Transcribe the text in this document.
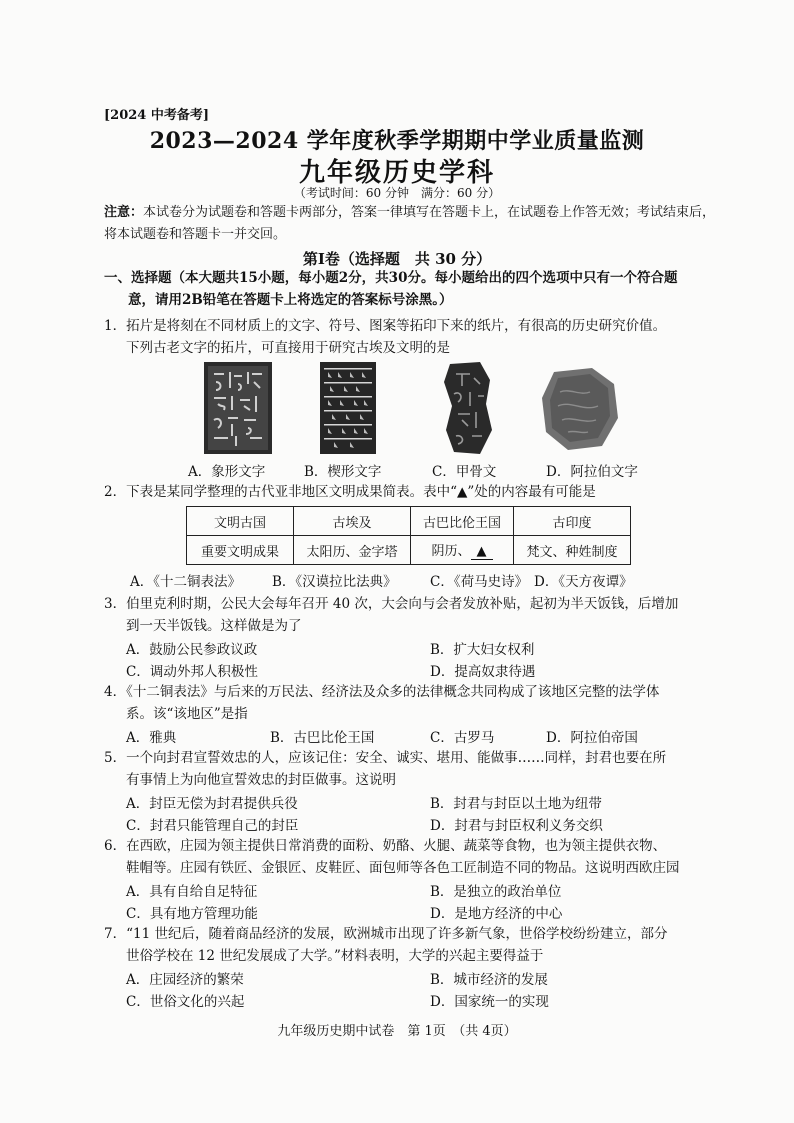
[2024 中考备考]
2023—2024 学年度秋季学期期中学业质量监测
九年级历史学科
（考试时间：60 分钟　满分：60 分）
注意：本试卷分为试题卷和答题卡两部分，答案一律填写在答题卡上，在试题卷上作答无效；考试结束后，将本试题卷和答题卡一并交回。
第Ⅰ卷（选择题　共 30 分）
一、选择题（本大题共15小题，每小题2分，共30分。每小题给出的四个选项中只有一个符合题
意，请用2B铅笔在答题卡上将选定的答案标号涂黑。）
1．拓片是将刻在不同材质上的文字、符号、图案等拓印下来的纸片，有很高的历史研究价值。
下列古老文字的拓片，可直接用于研究古埃及文明的是
A．象形文字	B．楔形文字	C．甲骨文	D．阿拉伯文字
2．下表是某同学整理的古代亚非地区文明成果简表。表中“▲”处的内容最有可能是
文明古国	古埃及	古巴比伦王国	古印度
重要文明成果	太阳历、金字塔	阴历、 ▲	梵文、种姓制度
A．《十二铜表法》 B．《汉谟拉比法典》 C．《荷马史诗》 D．《天方夜谭》
3．伯里克利时期，公民大会每年召开 40 次，大会向与会者发放补贴，起初为半天饭钱，后增加
到一天半饭钱。这样做是为了
A．鼓励公民参政议政	B．扩大妇女权利
C．调动外邦人积极性	D．提高奴隶待遇
4．《十二铜表法》与后来的万民法、经济法及众多的法律概念共同构成了该地区完整的法学体
系。该“该地区”是指
A．雅典	B．古巴比伦王国	C．古罗马	D．阿拉伯帝国
5．一个向封君宣誓效忠的人，应该记住：安全、诚实、堪用、能做事……同样，封君也要在所
有事情上为向他宣誓效忠的封臣做事。这说明
A．封臣无偿为封君提供兵役	B．封君与封臣以土地为纽带
C．封君只能管理自己的封臣	D．封君与封臣权利义务交织
6．在西欧，庄园为领主提供日常消费的面粉、奶酪、火腿、蔬菜等食物，也为领主提供衣物、
鞋帽等。庄园有铁匠、金银匠、皮鞋匠、面包师等各色工匠制造不同的物品。这说明西欧庄园
A．具有自给自足特征	B．是独立的政治单位
C．具有地方管理功能	D．是地方经济的中心
7．“11 世纪后，随着商品经济的发展，欧洲城市出现了许多新气象，世俗学校纷纷建立，部分
世俗学校在 12 世纪发展成了大学。”材料表明，大学的兴起主要得益于
A．庄园经济的繁荣	B．城市经济的发展
C．世俗文化的兴起	D．国家统一的实现
九年级历史期中试卷　第 1页　（共 4页）
